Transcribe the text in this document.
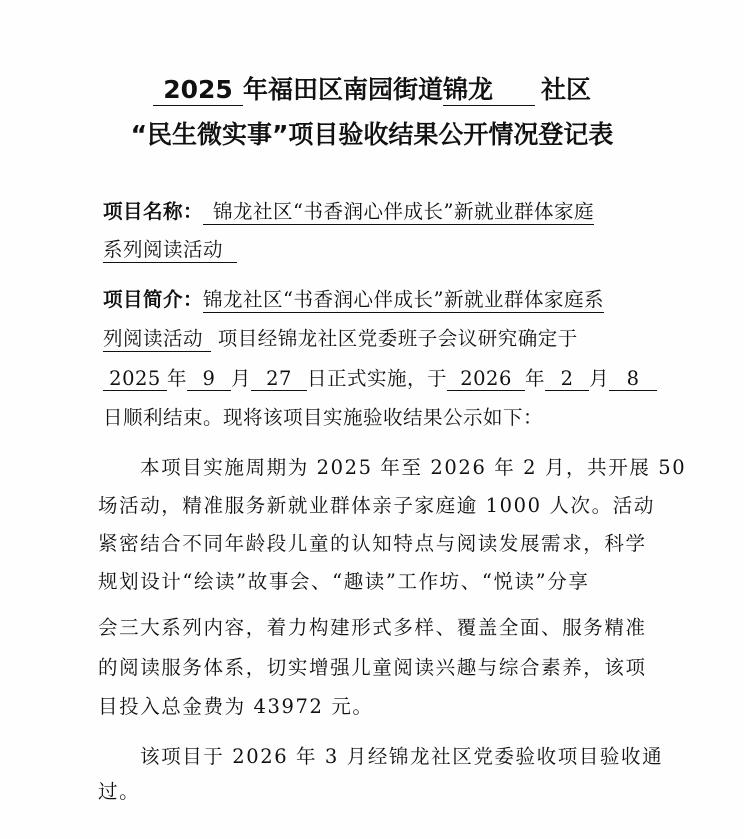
2025 年福田区南园街道锦龙 社区
“民生微实事”项目验收结果公开情况登记表
项目名称： 锦龙社区“书香润心伴成长”新就业群体家庭
系列阅读活动
项目简介：锦龙社区“书香润心伴成长”新就业群体家庭系
列阅读活动 项目经锦龙社区党委班子会议研究确定于
2025 年 9 月 27 日正式实施，于 2026 年 2 月 8
日顺利结束。现将该项目实施验收结果公示如下：
本项目实施周期为 2025 年至 2026 年 2 月，共开展 50
场活动，精准服务新就业群体亲子家庭逾 1000 人次。活动
紧密结合不同年龄段儿童的认知特点与阅读发展需求，科学
规划设计“绘读”故事会、“趣读”工作坊、“悦读”分享
会三大系列内容，着力构建形式多样、覆盖全面、服务精准
的阅读服务体系，切实增强儿童阅读兴趣与综合素养，该项
目投入总金费为 43972 元。
该项目于 2026 年 3 月经锦龙社区党委验收项目验收通
过。
